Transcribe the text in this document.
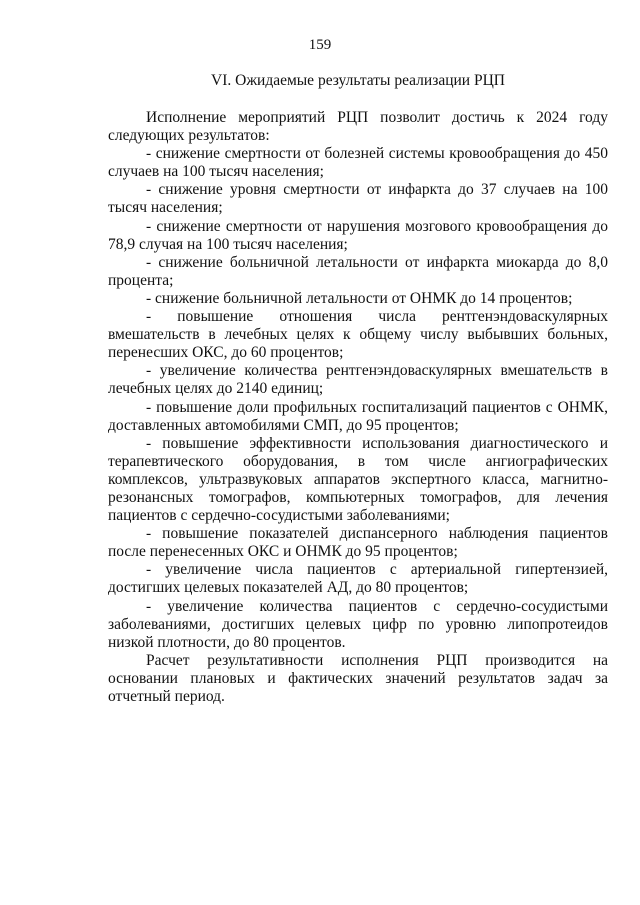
159
VI. Ожидаемые результаты реализации РЦП

Исполнение мероприятий РЦП позволит достичь к 2024 году следующих результатов:

- снижение смертности от болезней системы кровообращения до 450 случаев на 100 тысяч населения;

- снижение уровня смертности от инфаркта до 37 случаев на 100 тысяч населения;

- снижение смертности от нарушения мозгового кровообращения до 78,9 случая на 100 тысяч населения;

- снижение больничной летальности от инфаркта миокарда до 8,0 процента;

- снижение больничной летальности от ОНМК до 14 процентов;

- повышение отношения числа рентгенэндоваскулярных вмешательств в лечебных целях к общему числу выбывших больных, перенесших ОКС, до 60 процентов;

- увеличение количества рентгенэндоваскулярных вмешательств в лечебных целях до 2140 единиц;

- повышение доли профильных госпитализаций пациентов с ОНМК, доставленных автомобилями СМП, до 95 процентов;

- повышение эффективности использования диагностического и терапевтического оборудования, в том числе ангиографических комплексов, ультразвуковых аппаратов экспертного класса, магнитно-резонансных томографов, компьютерных томографов, для лечения пациентов с сердечно-сосудистыми заболеваниями;

- повышение показателей диспансерного наблюдения пациентов после перенесенных ОКС и ОНМК до 95 процентов;

- увеличение числа пациентов с артериальной гипертензией, достигших целевых показателей АД, до 80 процентов;

- увеличение количества пациентов с сердечно-сосудистыми заболеваниями, достигших целевых цифр по уровню липопротеидов низкой плотности, до 80 процентов.

Расчет результативности исполнения РЦП производится на основании плановых и фактических значений результатов задач за отчетный период.
